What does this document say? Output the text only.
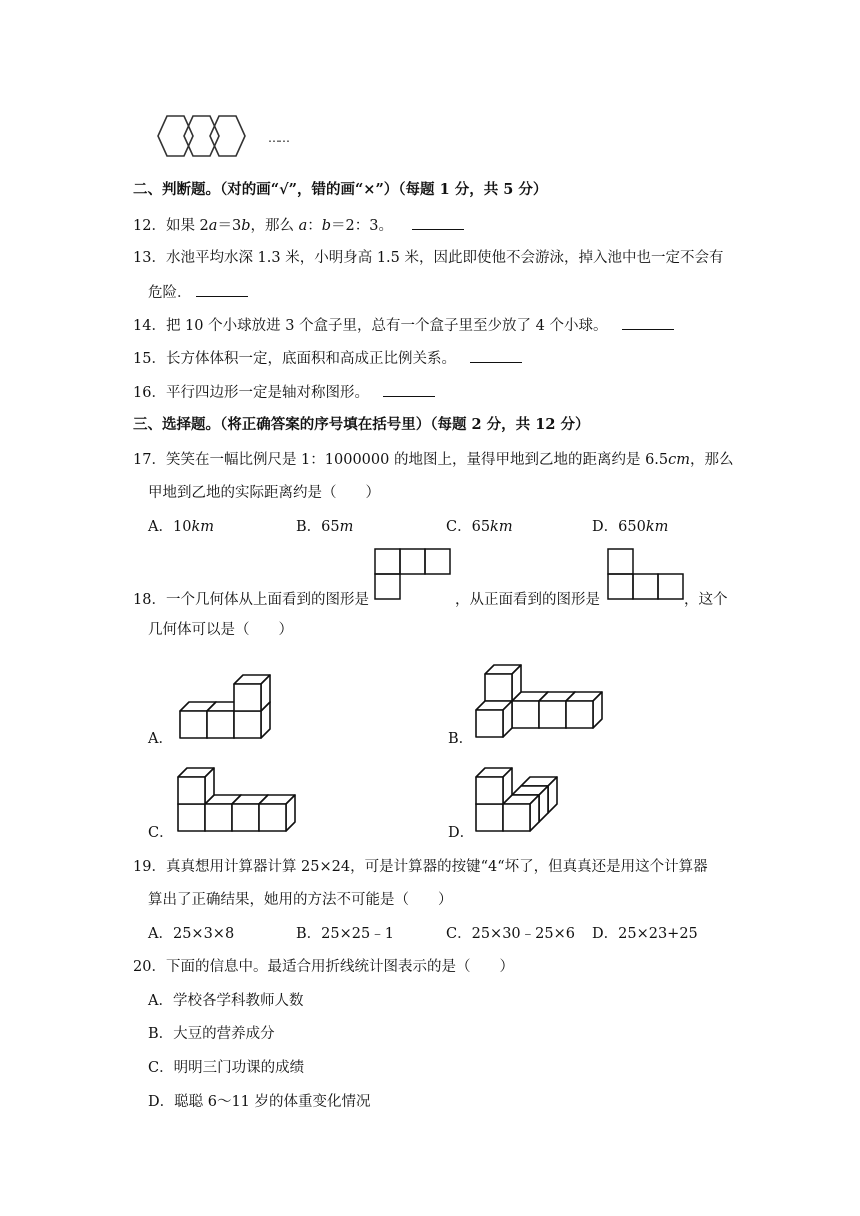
……
二、判断题。（对的画“√”，错的画“×”）（每题 1 分，共 5 分）
12．如果 2a＝3b，那么 a：b＝2：3。
13．水池平均水深 1.3 米，小明身高 1.5 米，因此即使他不会游泳，掉入池中也一定不会有
危险．
14．把 10 个小球放进 3 个盒子里，总有一个盒子里至少放了 4 个小球。
15．长方体体积一定，底面积和高成正比例关系。
16．平行四边形一定是轴对称图形。
三、选择题。（将正确答案的序号填在括号里）（每题 2 分，共 12 分）
17．笑笑在一幅比例尺是 1：1000000 的地图上，量得甲地到乙地的距离约是 6.5cm，那么
甲地到乙地的实际距离约是（　　）
A．10km	B．65m	C．65km	D．650km
18．一个几何体从上面看到的图形是	，从正面看到的图形是	，这个
几何体可以是（　　）
A．	B．
C．	D．
19．真真想用计算器计算 25×24，可是计算器的按键“4“坏了，但真真还是用这个计算器
算出了正确结果，她用的方法不可能是（　　）
A．25×3×8	B．25×25﹣1	C．25×30﹣25×6 D．25×23+25
20．下面的信息中。最适合用折线统计图表示的是（　　）
A．学校各学科教师人数
B．大豆的营养成分
C．明明三门功课的成绩
D．聪聪 6～11 岁的体重变化情况
